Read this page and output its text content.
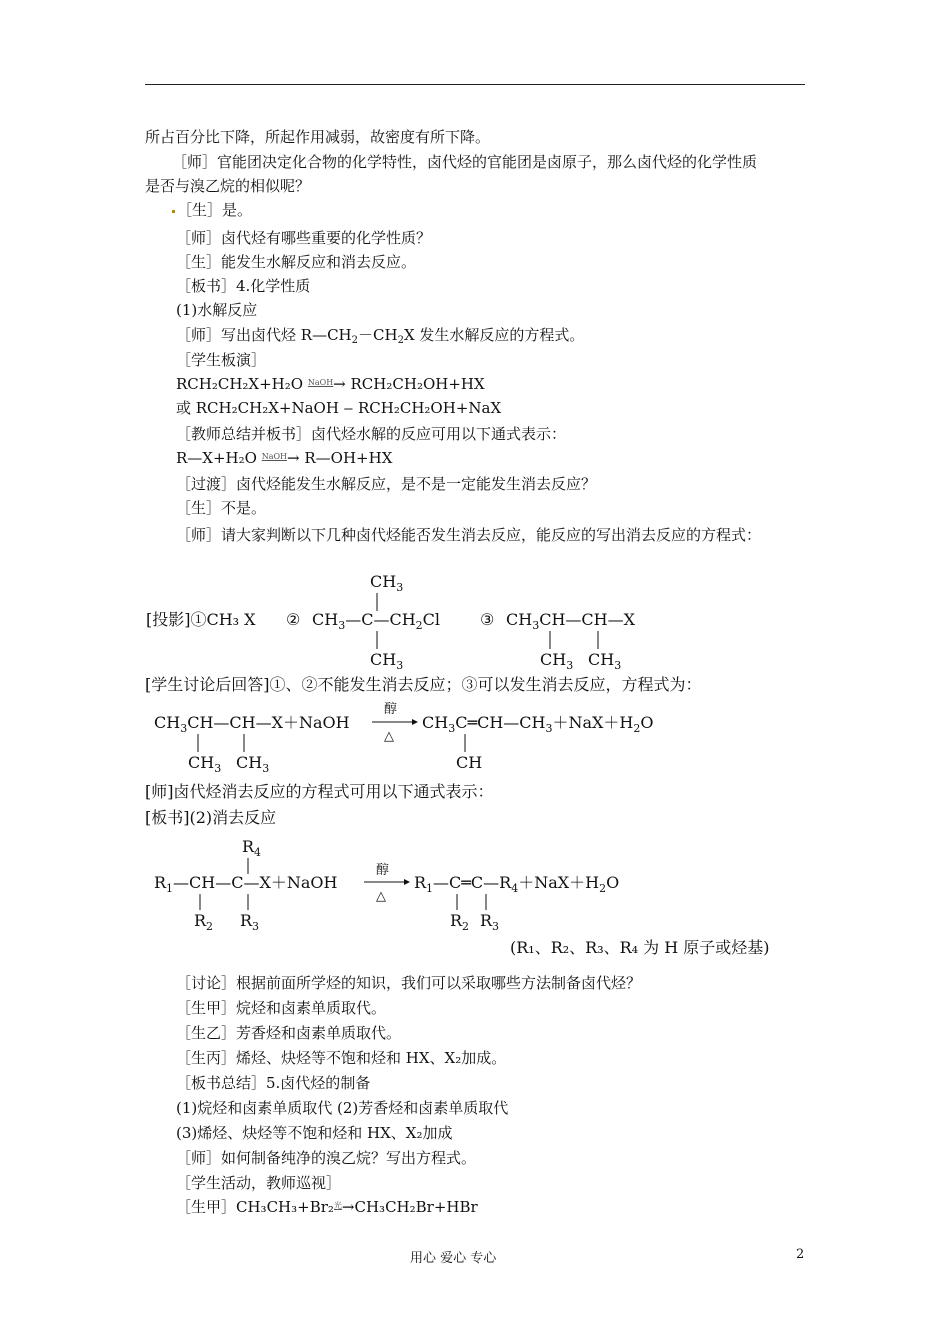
所占百分比下降，所起作用减弱，故密度有所下降。
［师］官能团决定化合物的化学特性，卤代烃的官能团是卤原子，那么卤代烃的化学性质
是否与溴乙烷的相似呢？
［生］是。
［师］卤代烃有哪些重要的化学性质？
［生］能发生水解反应和消去反应。
［板书］4.化学性质
(1)水解反应
［师］写出卤代烃 $R—CH_2-CH_2X$ 发生水解反应的方程式。
［学生板演］
RCH₂CH₂X+H₂O NaOH→ RCH₂CH₂OH+HX
或 RCH₂CH₂X+NaOH ‒ RCH₂CH₂OH+NaX
［教师总结并板书］卤代烃水解的反应可用以下通式表示：
R—X+H₂O NaOH→ R—OH+HX
［过渡］卤代烃能发生水解反应，是不是一定能发生消去反应？
［生］不是。
［师］请大家判断以下几种卤代烃能否发生消去反应，能反应的写出消去反应的方程式：
[投影]①CH₃ X ② $CH_3—C—CH_2Cl$
$CH_3$
$CH_3$
③ $CH_3CH—CH—X$
$CH_3$ $CH_3$
[学生讨论后回答]①、②不能发生消去反应；③可以发生消去反应，方程式为：
$CH_3CH—CH—X+NaOH$
$CH_3$ $CH_3$
醇
△
$CH_3C═CH—CH_3+NaX+H_2O$
CH
[师]卤代烃消去反应的方程式可用以下通式表示：
[板书](2)消去反应
$R_4$
$R_1—CH—C—X+NaOH$
$R_2$ $R_3$
醇
△
$R_1—C═C—R_4+NaX+H_2O$
$R_2$ $R_3$
(R₁、R₂、R₃、R₄ 为 H 原子或烃基)
［讨论］根据前面所学烃的知识，我们可以采取哪些方法制备卤代烃？
［生甲］烷烃和卤素单质取代。
［生乙］芳香烃和卤素单质取代。
［生丙］烯烃、炔烃等不饱和烃和 HX、X₂加成。
［板书总结］5.卤代烃的制备
(1)烷烃和卤素单质取代 (2)芳香烃和卤素单质取代
(3)烯烃、炔烃等不饱和烃和 HX、X₂加成
［师］如何制备纯净的溴乙烷？写出方程式。
［学生活动，教师巡视］
［生甲］CH₃CH₃+Br₂光→CH₃CH₂Br+HBr
用心 爱心 专心	2
